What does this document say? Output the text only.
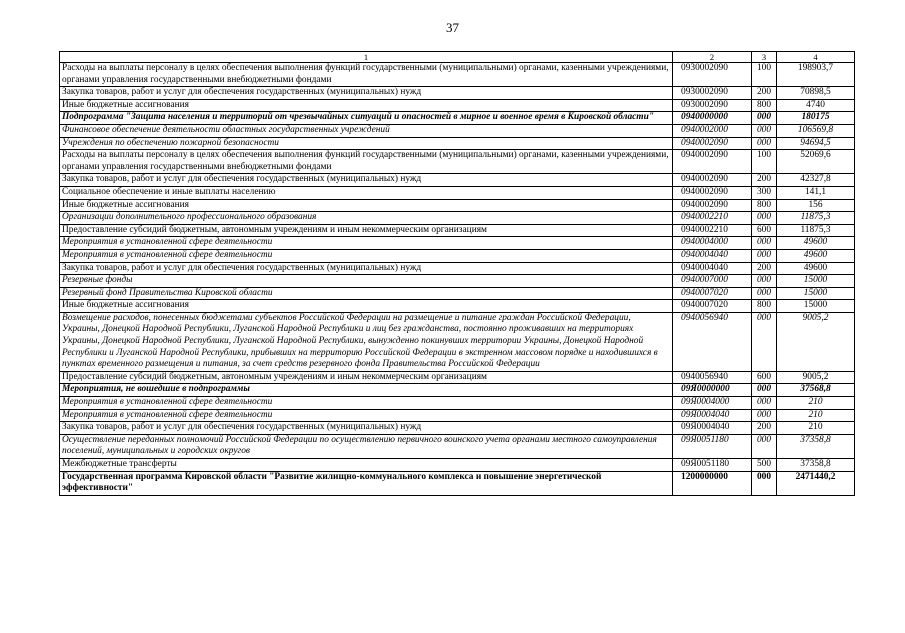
37
1	2	3	4
Расходы на выплаты персоналу в целях обеспечения выполнения функций государственными (муниципальными) органами, казенными учреждениями, органами управления государственными внебюджетными фондами	0930002090	100	198903,7
Закупка товаров, работ и услуг для обеспечения государственных (муниципальных) нужд	0930002090	200	70898,5
Иные бюджетные ассигнования	0930002090	800	4740
Подпрограмма "Защита населения и территорий от чрезвычайных ситуаций и опасностей в мирное и военное время в Кировской области"	0940000000	000	180175
Финансовое обеспечение деятельности областных государственных учреждений	0940002000	000	106569,8
Учреждения по обеспечению пожарной безопасности	0940002090	000	94694,5
Расходы на выплаты персоналу в целях обеспечения выполнения функций государственными (муниципальными) органами, казенными учреждениями, органами управления государственными внебюджетными фондами	0940002090	100	52069,6
Закупка товаров, работ и услуг для обеспечения государственных (муниципальных) нужд	0940002090	200	42327,8
Социальное обеспечение и иные выплаты населению	0940002090	300	141,1
Иные бюджетные ассигнования	0940002090	800	156
Организации дополнительного профессионального образования	0940002210	000	11875,3
Предоставление субсидий бюджетным, автономным учреждениям и иным некоммерческим организациям	0940002210	600	11875,3
Мероприятия в установленной сфере деятельности	0940004000	000	49600
Мероприятия в установленной сфере деятельности	0940004040	000	49600
Закупка товаров, работ и услуг для обеспечения государственных (муниципальных) нужд	0940004040	200	49600
Резервные фонды	0940007000	000	15000
Резервный фонд Правительства Кировской области	0940007020	000	15000
Иные бюджетные ассигнования	0940007020	800	15000
Возмещение расходов, понесенных бюджетами субъектов Российской Федерации на размещение и питание граждан Российской Федерации, Украины, Донецкой Народной Республики, Луганской Народной Республики и лиц без гражданства, постоянно проживавших на территориях Украины, Донецкой Народной Республики, Луганской Народной Республики, вынужденно покинувших территории Украины, Донецкой Народной Республики и Луганской Народной Республики, прибывших на территорию Российской Федерации в экстренном массовом порядке и находившихся в пунктах временного размещения и питания, за счет средств резервного фонда Правительства Российской Федерации	0940056940	000	9005,2
Предоставление субсидий бюджетным, автономным учреждениям и иным некоммерческим организациям	0940056940	600	9005,2
Мероприятия, не вошедшие в подпрограммы	09Я0000000	000	37568,8
Мероприятия в установленной сфере деятельности	09Я0004000	000	210
Мероприятия в установленной сфере деятельности	09Я0004040	000	210
Закупка товаров, работ и услуг для обеспечения государственных (муниципальных) нужд	09Я0004040	200	210
Осуществление переданных полномочий Российской Федерации по осуществлению первичного воинского учета органами местного самоуправления поселений, муниципальных и городских округов	09Я0051180	000	37358,8
Межбюджетные трансферты	09Я0051180	500	37358,8
Государственная программа Кировской области "Развитие жилищно-коммунального комплекса и повышение энергетической эффективности"	1200000000	000	2471440,2
